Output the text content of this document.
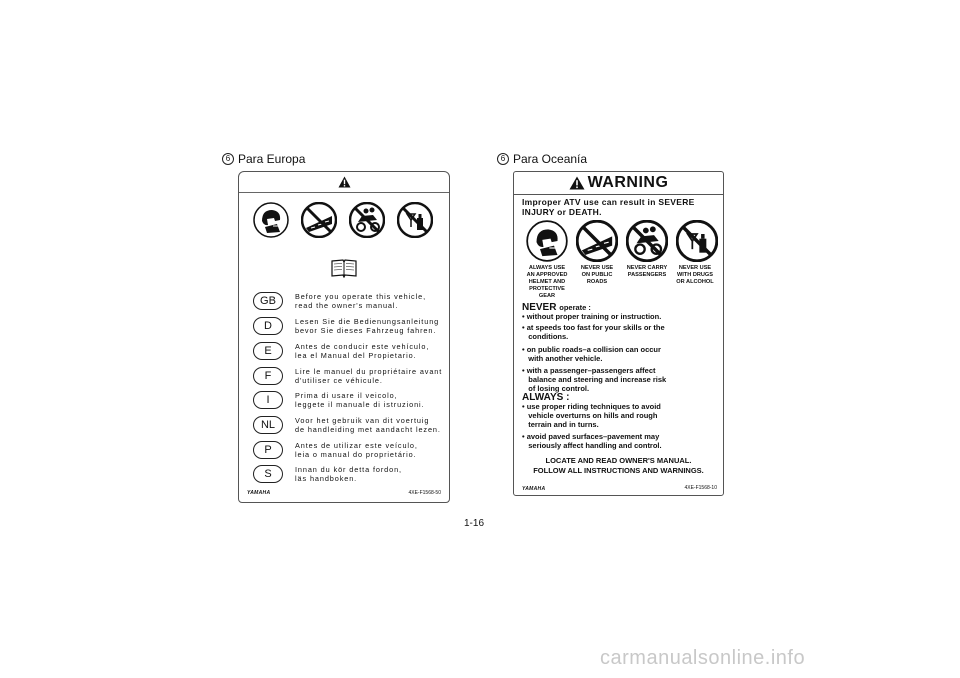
6 Para Europa
GB	Before you operate this vehicle,
read the owner's manual.
D	Lesen Sie die Bedienungsanleitung
bevor Sie dieses Fahrzeug fahren.
E	Antes de conducir este vehículo,
lea el Manual del Propietario.
F	Lire le manuel du propriétaire avant
d'utiliser ce véhicule.
I	Prima di usare il veicolo,
leggete il manuale di istruzioni.
NL	Voor het gebruik van dit voertuig
de handleiding met aandacht lezen.
P	Antes de utilizar este veículo,
leia o manual do proprietário.
S	Innan du kör detta fordon,
läs handboken.
YAMAHA	4XE-F1568-50
6 Para Oceanía
WARNING
Improper ATV use can result in SEVERE
INJURY or DEATH.
ALWAYS USE
AN APPROVED
HELMET AND
PROTECTIVE
GEAR
NEVER USE
ON PUBLIC
ROADS
NEVER CARRY
PASSENGERS
NEVER USE
WITH DRUGS
OR ALCOHOL
NEVER operate :
• without proper training or instruction.
• at speeds too fast for your skills or the
conditions.
• on public roads–a collision can occur
with another vehicle.
• with a passenger–passengers affect
balance and steering and increase risk
of losing control.
ALWAYS :
• use proper riding techniques to avoid
vehicle overturns on hills and rough
terrain and in turns.
• avoid paved surfaces–pavement may
seriously affect handling and control.
LOCATE AND READ OWNER'S MANUAL.
FOLLOW ALL INSTRUCTIONS AND WARNINGS.
YAMAHA	4XE-F1568-10
1-16
carmanualsonline.info
